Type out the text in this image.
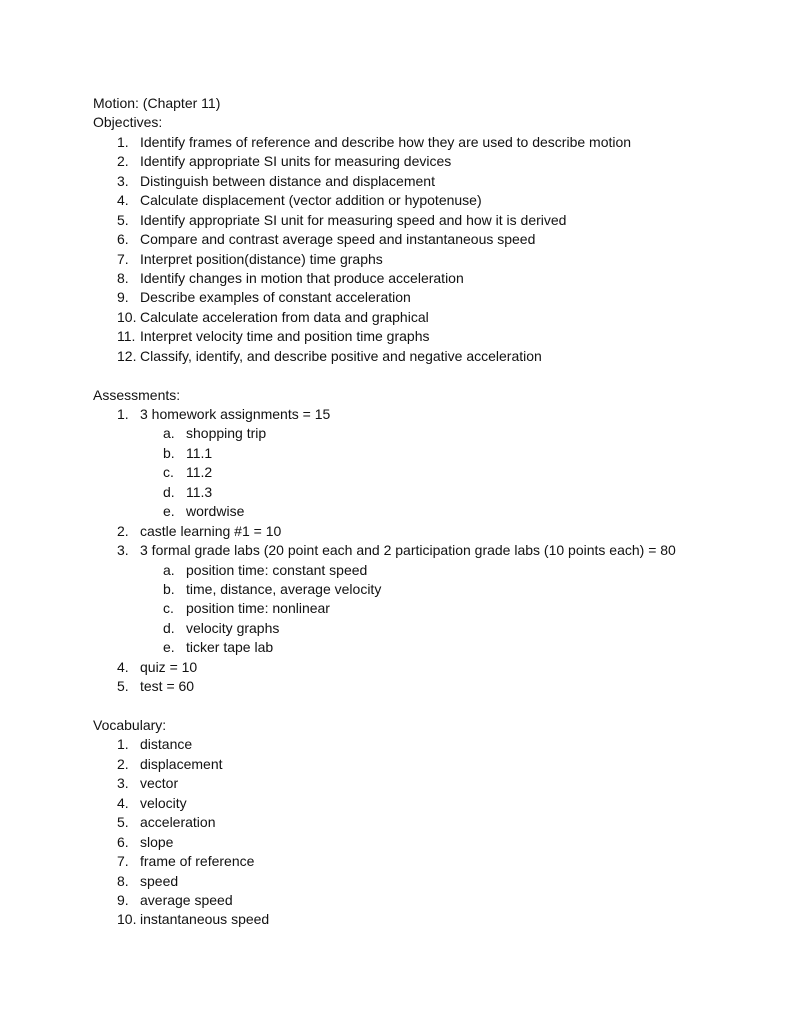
Motion: (Chapter 11)
Objectives:
1. Identify frames of reference and describe how they are used to describe motion
2. Identify appropriate SI units for measuring devices
3. Distinguish between distance and displacement
4. Calculate displacement (vector addition or hypotenuse)
5. Identify appropriate SI unit for measuring speed and how it is derived
6. Compare and contrast average speed and instantaneous speed
7. Interpret position(distance) time graphs
8. Identify changes in motion that produce acceleration
9. Describe examples of constant acceleration
10. Calculate acceleration from data and graphical
11. Interpret velocity time and position time graphs
12. Classify, identify, and describe positive and negative acceleration
Assessments:
1. 3 homework assignments = 15
a. shopping trip
b. 11.1
c. 11.2
d. 11.3
e. wordwise
2. castle learning #1 = 10
3. 3 formal grade labs (20 point each and 2 participation grade labs (10 points each) = 80
a. position time: constant speed
b. time, distance, average velocity
c. position time: nonlinear
d. velocity graphs
e. ticker tape lab
4. quiz = 10
5. test = 60
Vocabulary:
1. distance
2. displacement
3. vector
4. velocity
5. acceleration
6. slope
7. frame of reference
8. speed
9. average speed
10. instantaneous speed
